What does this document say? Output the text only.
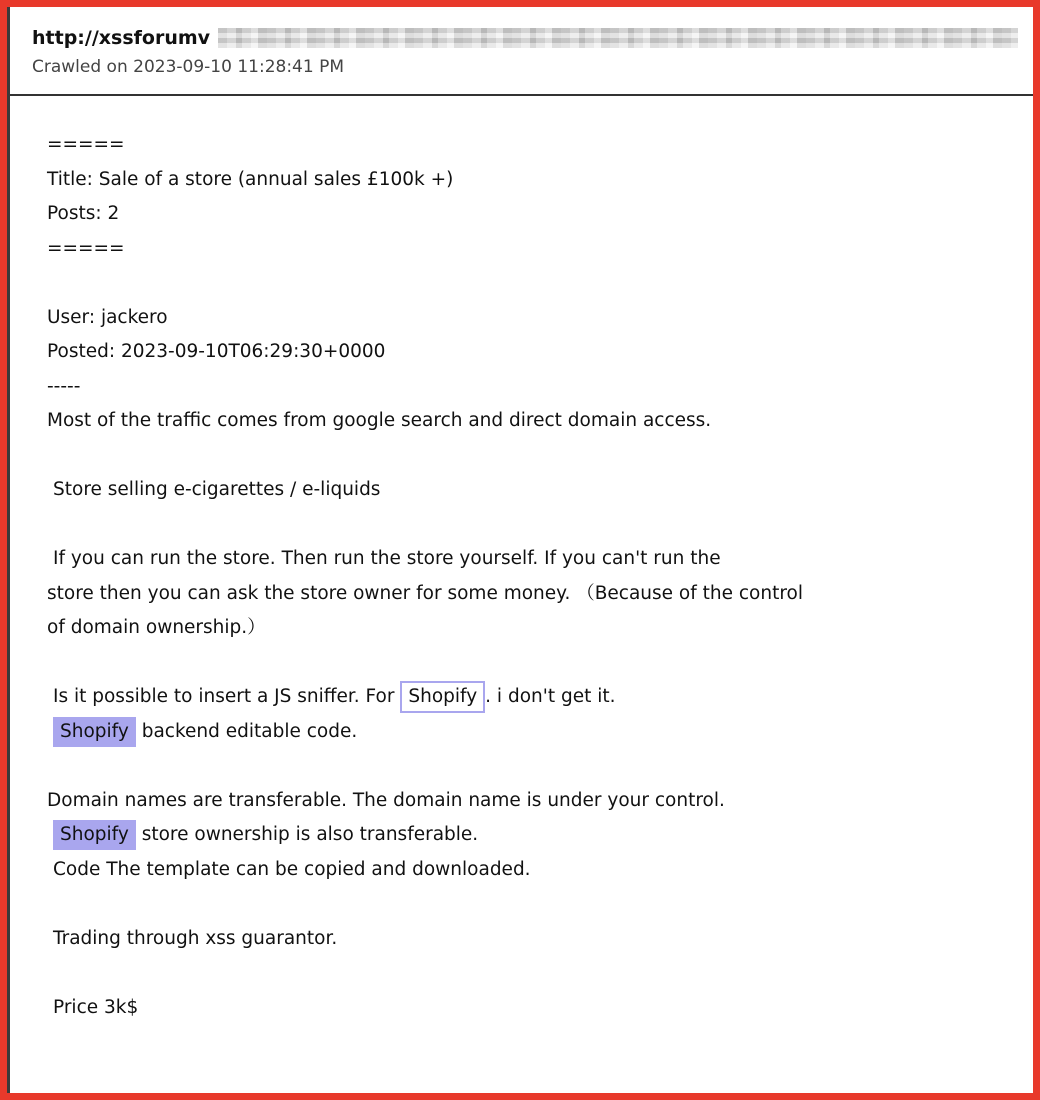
http://xssforumv
Crawled on 2023-09-10 11:28:41 PM
=====
Title: Sale of a store (annual sales £100k +)
Posts: 2
=====
User: jackero
Posted: 2023-09-10T06:29:30+0000
-----
Most of the traffic comes from google search and direct domain access.
Store selling e-cigarettes / e-liquids
If you can run the store. Then run the store yourself. If you can't run the
store then you can ask the store owner for some money. （Because of the control
of domain ownership.）
Is it possible to insert a JS sniffer. For Shopify . i don't get it.
Shopify backend editable code.
Domain names are transferable. The domain name is under your control.
Shopify store ownership is also transferable.
Code The template can be copied and downloaded.
Trading through xss guarantor.
Price 3k$
